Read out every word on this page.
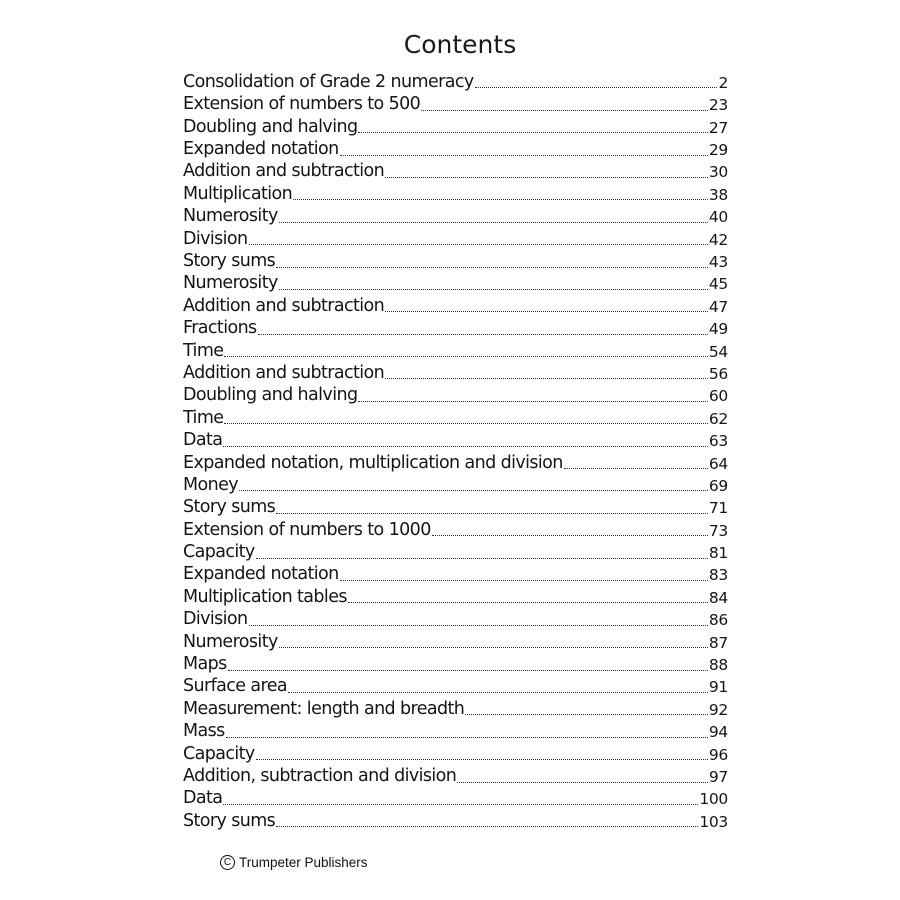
Contents
Consolidation of Grade 2 numeracy	2
Extension of numbers to 500	23
Doubling and halving	27
Expanded notation	29
Addition and subtraction	30
Multiplication	38
Numerosity	40
Division	42
Story sums	43
Numerosity	45
Addition and subtraction	47
Fractions	49
Time	54
Addition and subtraction	56
Doubling and halving	60
Time	62
Data	63
Expanded notation, multiplication and division	64
Money	69
Story sums	71
Extension of numbers to 1000	73
Capacity	81
Expanded notation	83
Multiplication tables	84
Division	86
Numerosity	87
Maps	88
Surface area	91
Measurement: length and breadth	92
Mass	94
Capacity	96
Addition, subtraction and division	97
Data	100
Story sums	103
C Trumpeter Publishers
